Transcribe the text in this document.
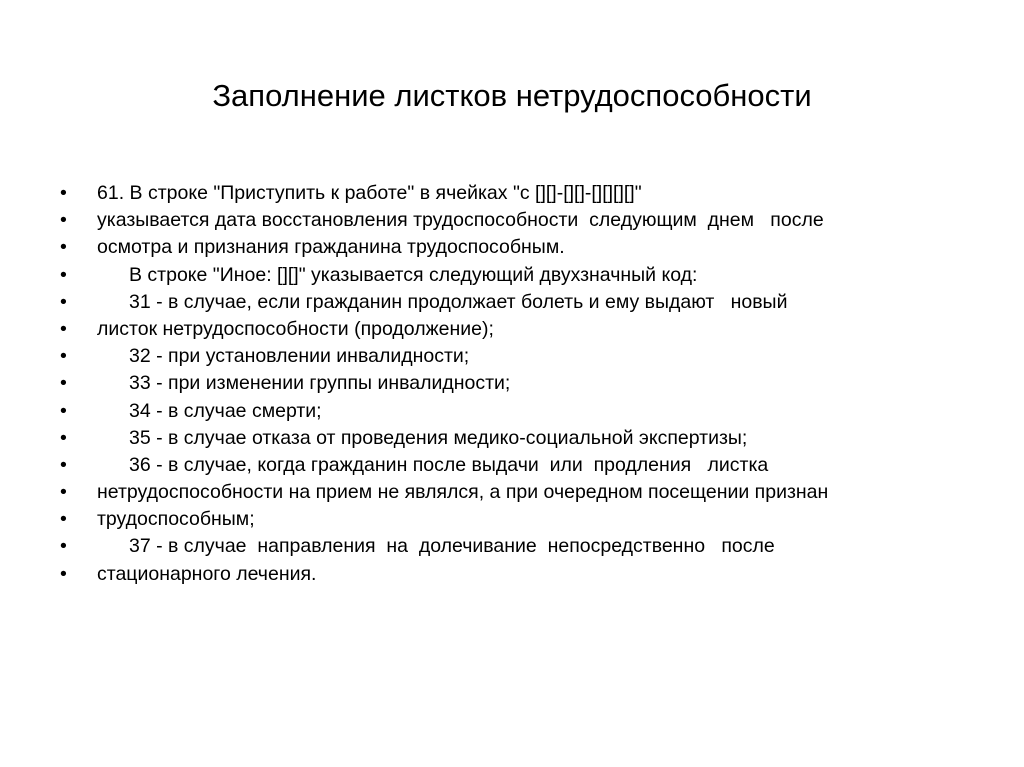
Заполнение листков нетрудоспособности
•	61. В строке "Приступить к работе" в ячейках "с [][]-[][]-[][][][]"
•	указывается дата восстановления трудоспособности  следующим  днем   после
•	осмотра и признания гражданина трудоспособным.
•	В строке "Иное: [][]" указывается следующий двухзначный код:
•	31 - в случае, если гражданин продолжает болеть и ему выдают   новый
•	листок нетрудоспособности (продолжение);
•	32 - при установлении инвалидности;
•	33 - при изменении группы инвалидности;
•	34 - в случае смерти;
•	35 - в случае отказа от проведения медико-социальной экспертизы;
•	36 - в случае, когда гражданин после выдачи  или  продления   листка
•	нетрудоспособности на прием не являлся, а при очередном посещении признан
•	трудоспособным;
•	37 - в случае  направления  на  долечивание  непосредственно   после
•	стационарного лечения.
